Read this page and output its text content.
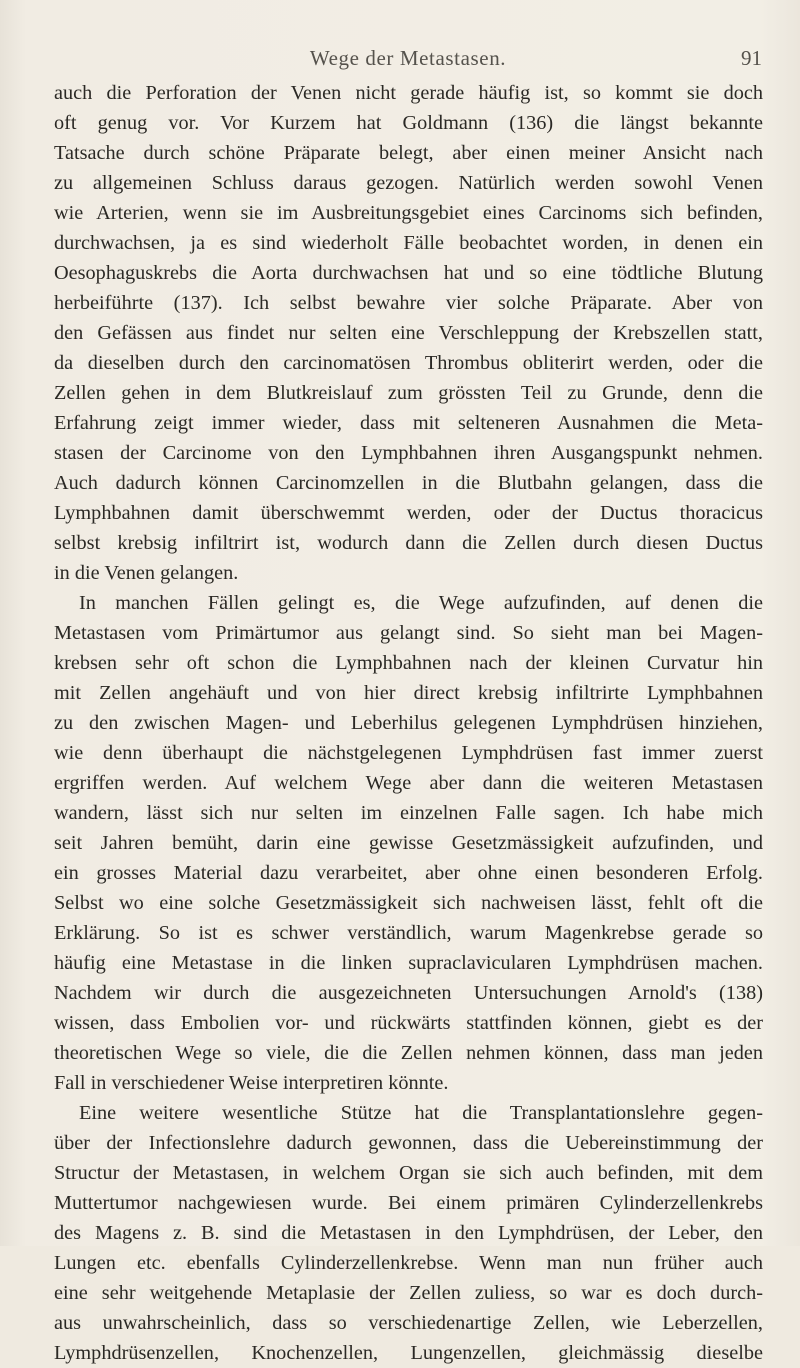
Wege der Metastasen.	91
auch die Perforation der Venen nicht gerade häufig ist, so kommt sie doch
oft genug vor. Vor Kurzem hat Goldmann (136) die längst bekannte
Tatsache durch schöne Präparate belegt, aber einen meiner Ansicht nach
zu allgemeinen Schluss daraus gezogen. Natürlich werden sowohl Venen
wie Arterien, wenn sie im Ausbreitungsgebiet eines Carcinoms sich befinden,
durchwachsen, ja es sind wiederholt Fälle beobachtet worden, in denen ein
Oesophaguskrebs die Aorta durchwachsen hat und so eine tödtliche Blutung
herbeiführte (137). Ich selbst bewahre vier solche Präparate. Aber von
den Gefässen aus findet nur selten eine Verschleppung der Krebszellen statt,
da dieselben durch den carcinomatösen Thrombus obliterirt werden, oder die
Zellen gehen in dem Blutkreislauf zum grössten Teil zu Grunde, denn die
Erfahrung zeigt immer wieder, dass mit selteneren Ausnahmen die Meta-
stasen der Carcinome von den Lymphbahnen ihren Ausgangspunkt nehmen.
Auch dadurch können Carcinomzellen in die Blutbahn gelangen, dass die
Lymphbahnen damit überschwemmt werden, oder der Ductus thoracicus
selbst krebsig infiltrirt ist, wodurch dann die Zellen durch diesen Ductus
in die Venen gelangen.
In manchen Fällen gelingt es, die Wege aufzufinden, auf denen die
Metastasen vom Primärtumor aus gelangt sind. So sieht man bei Magen-
krebsen sehr oft schon die Lymphbahnen nach der kleinen Curvatur hin
mit Zellen angehäuft und von hier direct krebsig infiltrirte Lymphbahnen
zu den zwischen Magen- und Leberhilus gelegenen Lymphdrüsen hinziehen,
wie denn überhaupt die nächstgelegenen Lymphdrüsen fast immer zuerst
ergriffen werden. Auf welchem Wege aber dann die weiteren Metastasen
wandern, lässt sich nur selten im einzelnen Falle sagen. Ich habe mich
seit Jahren bemüht, darin eine gewisse Gesetzmässigkeit aufzufinden, und
ein grosses Material dazu verarbeitet, aber ohne einen besonderen Erfolg.
Selbst wo eine solche Gesetzmässigkeit sich nachweisen lässt, fehlt oft die
Erklärung. So ist es schwer verständlich, warum Magenkrebse gerade so
häufig eine Metastase in die linken supraclavicularen Lymphdrüsen machen.
Nachdem wir durch die ausgezeichneten Untersuchungen Arnold's (138)
wissen, dass Embolien vor- und rückwärts stattfinden können, giebt es der
theoretischen Wege so viele, die die Zellen nehmen können, dass man jeden
Fall in verschiedener Weise interpretiren könnte.
Eine weitere wesentliche Stütze hat die Transplantationslehre gegen-
über der Infectionslehre dadurch gewonnen, dass die Uebereinstimmung der
Structur der Metastasen, in welchem Organ sie sich auch befinden, mit dem
Muttertumor nachgewiesen wurde. Bei einem primären Cylinderzellenkrebs
des Magens z. B. sind die Metastasen in den Lymphdrüsen, der Leber, den
Lungen etc. ebenfalls Cylinderzellenkrebse. Wenn man nun früher auch
eine sehr weitgehende Metaplasie der Zellen zuliess, so war es doch durch-
aus unwahrscheinlich, dass so verschiedenartige Zellen, wie Leberzellen,
Lymphdrüsenzellen, Knochenzellen, Lungenzellen, gleichmässig dieselbe
